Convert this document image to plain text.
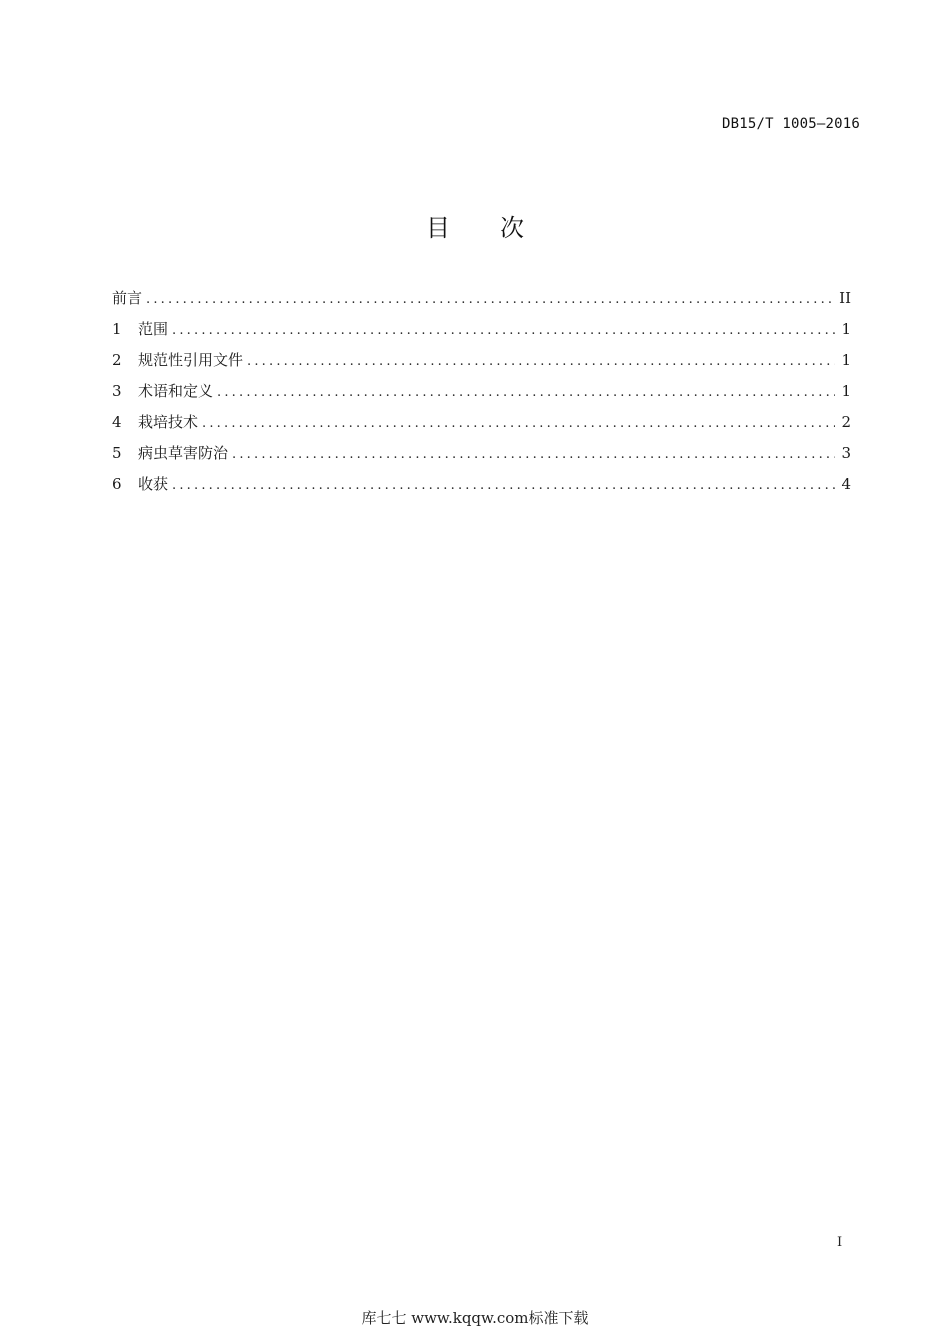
DB15/T 1005—2016
目 次
前言 .....	II
1	范围 .....	1
2	规范性引用文件 .....	1
3	术语和定义 .....	1
4	栽培技术 .....	2
5	病虫草害防治 .....	3
6	收获 .....	4
I
库七七 www.kqqw.com标准下载
